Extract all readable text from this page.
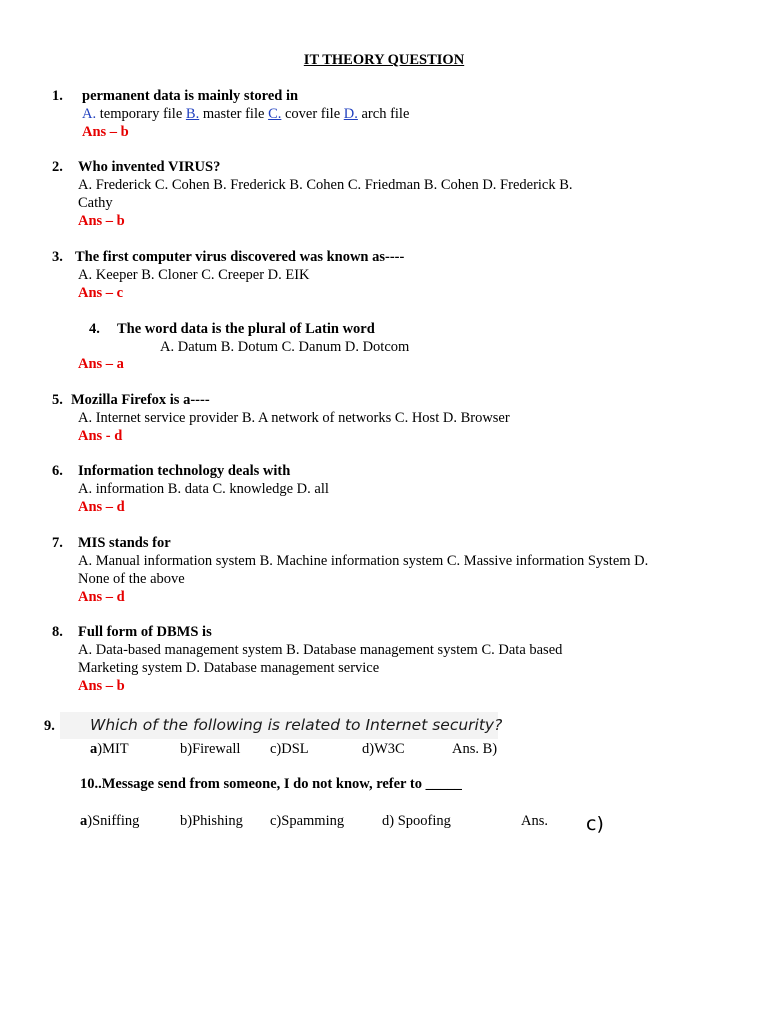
IT THEORY QUESTION
1. permanent data is mainly stored in
A. temporary file B. master file C. cover file D. arch file
Ans – b
2. Who invented VIRUS?
A. Frederick C. Cohen B. Frederick B. Cohen C. Friedman B. Cohen D. Frederick B.
Cathy
Ans – b
3. The first computer virus discovered was known as----
A. Keeper B. Cloner C. Creeper D. EIK
Ans – c
4. The word data is the plural of Latin word
A. Datum B. Dotum C. Danum D. Dotcom
Ans – a
5. Mozilla Firefox is a----
A. Internet service provider B. A network of networks C. Host D. Browser
Ans - d
6. Information technology deals with
A. information B. data C. knowledge D. all
Ans – d
7. MIS stands for
A. Manual information system B. Machine information system C. Massive information System D.
None of the above
Ans – d
8. Full form of DBMS is
A. Data-based management system B. Database management system C. Data based
Marketing system D. Database management service
Ans – b
9. Which of the following is related to Internet security?
a)MIT	b)Firewall c)DSL	d)W3C	Ans. B)
10..Message send from someone, I do not know, refer to _____
a)Sniffing	b)Phishing c)Spamming	d) Spoofing	Ans. c)
